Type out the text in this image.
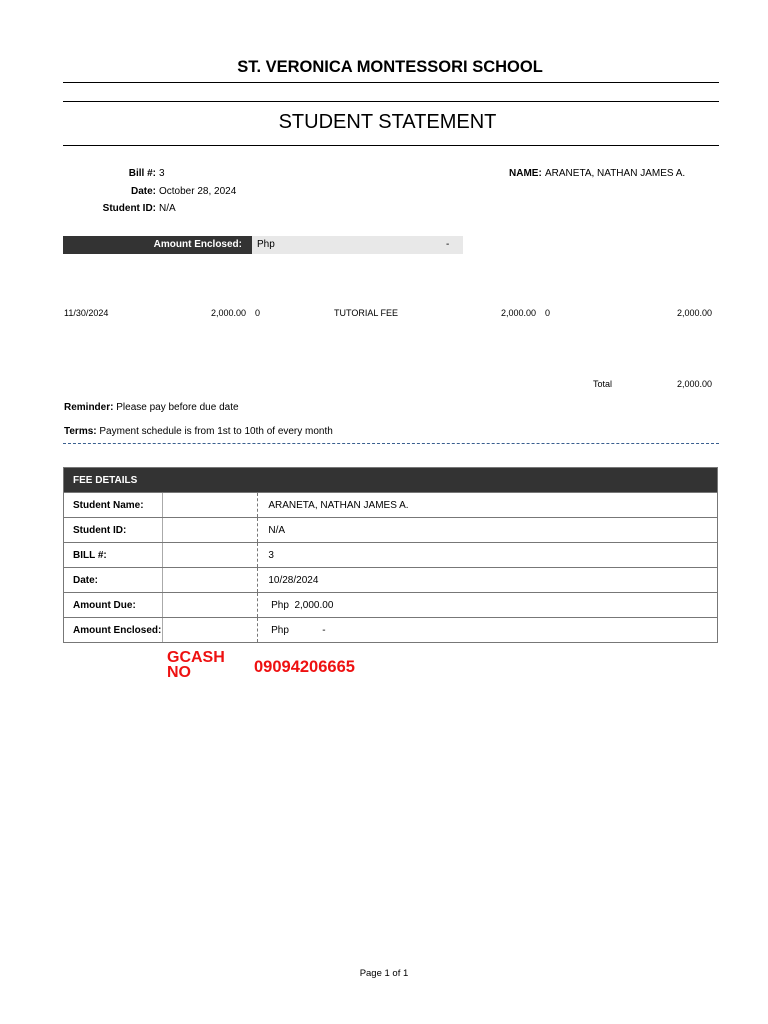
ST. VERONICA MONTESSORI SCHOOL
STUDENT STATEMENT
Bill #: 3
Date: October 28, 2024
Student ID: N/A
NAME: ARANETA, NATHAN JAMES A.
Amount Enclosed: Php	-
11/30/2024	2,000.00 0	TUTORIAL FEE	2,000.00 0	2,000.00
Total	2,000.00
Reminder: Please pay before due date
Terms: Payment schedule is from 1st to 10th of every month
FEE DETAILS		
Student Name:		ARANETA, NATHAN JAMES A.
Student ID:		N/A
BILL #:		3
Date:		10/28/2024
Amount Due:		Php  2,000.00
Amount Enclosed:		Php            -
GCASH NO	09094206665
Page 1 of 1
